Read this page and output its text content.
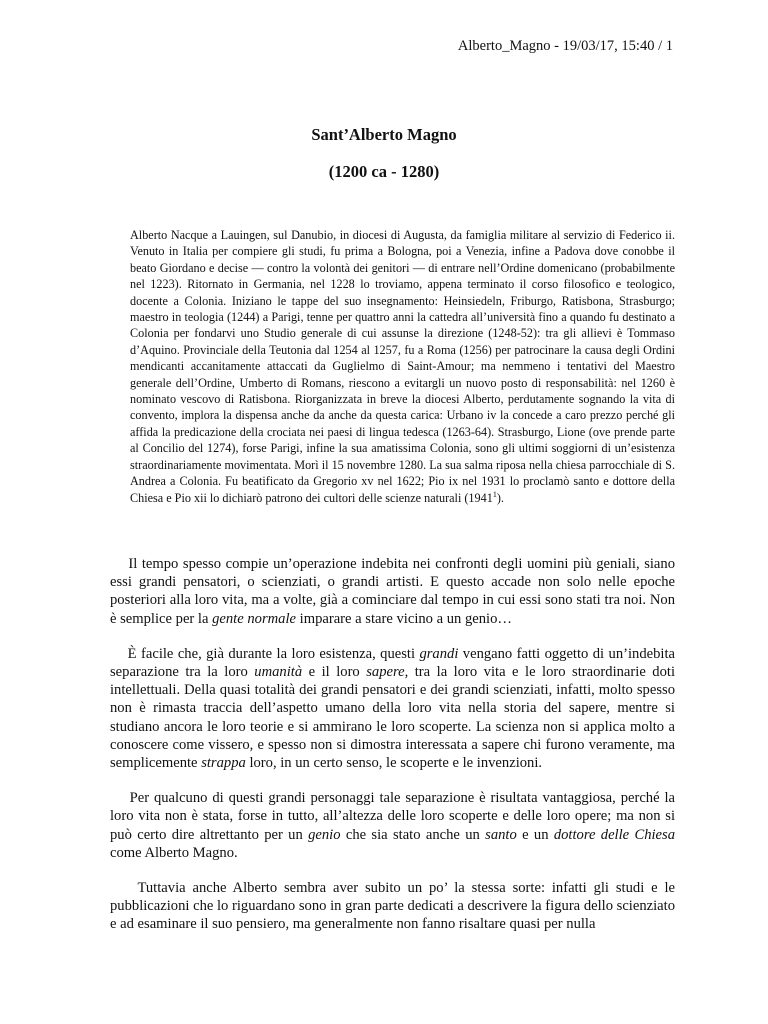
Alberto_Magno - 19/03/17, 15:40 / 1
Sant’Alberto Magno
(1200 ca - 1280)
Alberto Nacque a Lauingen, sul Danubio, in diocesi di Augusta, da famiglia militare al servizio di Federico ii. Venuto in Italia per compiere gli studi, fu prima a Bologna, poi a Venezia, infine a Padova dove conobbe il beato Giordano e decise — contro la volontà dei genitori — di entrare nell’Ordine domenicano (probabilmente nel 1223). Ritornato in Germania, nel 1228 lo troviamo, appena terminato il corso filosofico e teologico, docente a Colonia. Iniziano le tappe del suo insegnamento: Heinsiedeln, Friburgo, Ratisbona, Strasburgo; maestro in teologia (1244) a Parigi, tenne per quattro anni la cattedra all’università fino a quando fu destinato a Colonia per fondarvi uno Studio generale di cui assunse la direzione (1248-52): tra gli allievi è Tommaso d’Aquino. Provinciale della Teutonia dal 1254 al 1257, fu a Roma (1256) per patrocinare la causa degli Ordini mendicanti accanitamente attaccati da Guglielmo di Saint-Amour; ma nemmeno i tentativi del Maestro generale dell’Ordine, Umberto di Romans, riescono a evitargli un nuovo posto di responsabilità: nel 1260 è nominato vescovo di Ratisbona. Riorganizzata in breve la diocesi Alberto, perdutamente sognando la vita di convento, implora la dispensa anche da anche da questa carica: Urbano iv la concede a caro prezzo perché gli affida la predicazione della crociata nei paesi di lingua tedesca (1263-64). Strasburgo, Lione (ove prende parte al Concilio del 1274), forse Parigi, infine la sua amatissima Colonia, sono gli ultimi soggiorni di un’esistenza straordinariamente movimentata. Morì il 15 novembre 1280. La sua salma riposa nella chiesa parrocchiale di S. Andrea a Colonia. Fu beatificato da Gregorio xv nel 1622; Pio ix nel 1931 lo proclamò santo e dottore della Chiesa e Pio xii lo dichiarò patrono dei cultori delle scienze naturali (1941$^1$).

Il tempo spesso compie un’operazione indebita nei confronti degli uomini più geniali, siano essi grandi pensatori, o scienziati, o grandi artisti. E questo accade non solo nelle epoche posteriori alla loro vita, ma a volte, già a cominciare dal tempo in cui essi sono stati tra noi. Non è semplice per la gente normale imparare a stare vicino a un genio…

È facile che, già durante la loro esistenza, questi grandi vengano fatti oggetto di un’indebita separazione tra la loro umanità e il loro sapere, tra la loro vita e le loro straordinarie doti intellettuali. Della quasi totalità dei grandi pensatori e dei grandi scienziati, infatti, molto spesso non è rimasta traccia dell’aspetto umano della loro vita nella storia del sapere, mentre si studiano ancora le loro teorie e si ammirano le loro scoperte. La scienza non si applica molto a conoscere come vissero, e spesso non si dimostra interessata a sapere chi furono veramente, ma semplicemente strappa loro, in un certo senso, le scoperte e le invenzioni.

Per qualcuno di questi grandi personaggi tale separazione è risultata vantaggiosa, perché la loro vita non è stata, forse in tutto, all’altezza delle loro scoperte e delle loro opere; ma non si può certo dire altrettanto per un genio che sia stato anche un santo e un dottore delle Chiesa come Alberto Magno.

Tuttavia anche Alberto sembra aver subito un po’ la stessa sorte: infatti gli studi e le pubblicazioni che lo riguardano sono in gran parte dedicati a descrivere la figura dello scienziato e ad esaminare il suo pensiero, ma generalmente non fanno risaltare quasi per nulla
